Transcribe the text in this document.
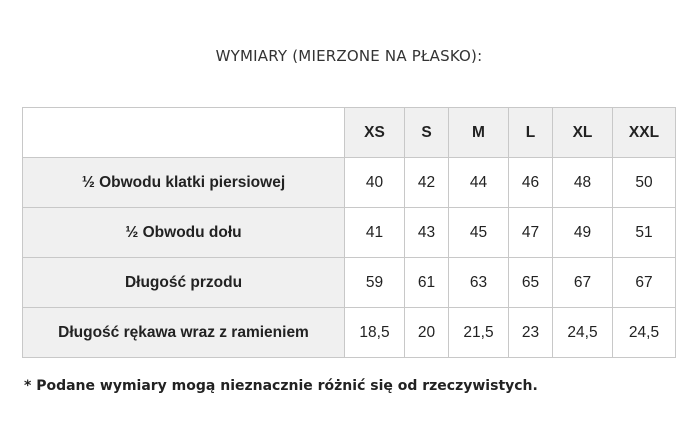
WYMIARY (MIERZONE NA PŁASKO):
	XS	S	M	L	XL	XXL
½ Obwodu klatki piersiowej	40	42	44	46	48	50
½ Obwodu dołu	41	43	45	47	49	51
Długość przodu	59	61	63	65	67	67
Długość rękawa wraz z ramieniem	18,5	20	21,5	23	24,5	24,5
* Podane wymiary mogą nieznacznie różnić się od rzeczywistych.
